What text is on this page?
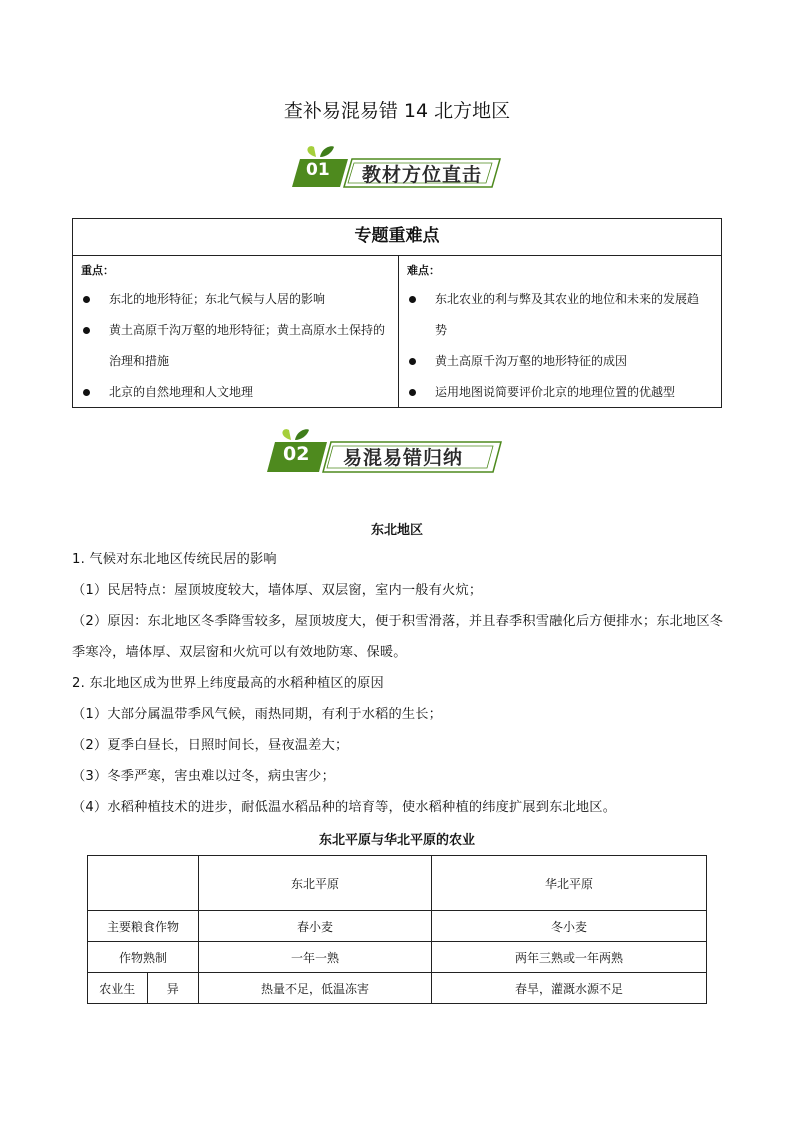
查补易混易错 14 北方地区
01 教材方位直击
专题重难点
重点：
东北的地形特征；东北气候与人居的影响
黄土高原千沟万壑的地形特征；黄土高原水土保持的治理和措施
北京的自然地理和人文地理
难点：
东北农业的利与弊及其农业的地位和未来的发展趋势
黄土高原千沟万壑的地形特征的成因
运用地图说简要评价北京的地理位置的优越型
02 易混易错归纳
东北地区
1. 气候对东北地区传统民居的影响
（1）民居特点：屋顶坡度较大，墙体厚、双层窗，室内一般有火炕；
（2）原因：东北地区冬季降雪较多，屋顶坡度大，便于积雪滑落，并且春季积雪融化后方便排水；东北地区冬季寒冷，墙体厚、双层窗和火炕可以有效地防寒、保暖。
2. 东北地区成为世界上纬度最高的水稻种植区的原因
（1）大部分属温带季风气候，雨热同期，有利于水稻的生长；
（2）夏季白昼长，日照时间长，昼夜温差大；
（3）冬季严寒，害虫难以过冬，病虫害少；
（4）水稻种植技术的进步，耐低温水稻品种的培育等，使水稻种植的纬度扩展到东北地区。
东北平原与华北平原的农业
		东北平原	华北平原
主要粮食作物		春小麦	冬小麦
作物熟制		一年一熟	两年三熟或一年两熟
农业生	异	热量不足，低温冻害	春旱，灌溉水源不足
